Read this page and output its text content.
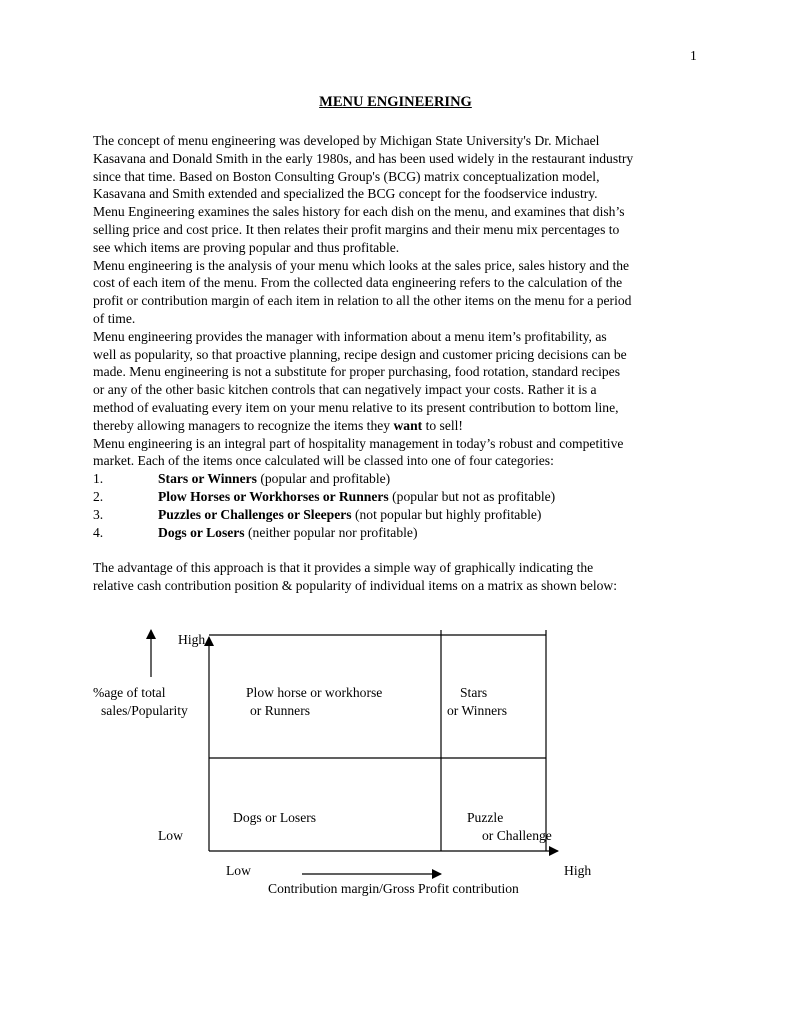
1
MENU ENGINEERING
The concept of menu engineering was developed by Michigan State University's Dr. Michael
Kasavana and Donald Smith in the early 1980s, and has been used widely in the restaurant industry
since that time. Based on Boston Consulting Group's (BCG) matrix conceptualization model,
Kasavana and Smith extended and specialized the BCG concept for the foodservice industry.
Menu Engineering examines the sales history for each dish on the menu, and examines that dish’s
selling price and cost price. It then relates their profit margins and their menu mix percentages to
see which items are proving popular and thus profitable.
Menu engineering is the analysis of your menu which looks at the sales price, sales history and the
cost of each item of the menu. From the collected data engineering refers to the calculation of the
profit or contribution margin of each item in relation to all the other items on the menu for a period
of time.
Menu engineering provides the manager with information about a menu item’s profitability, as
well as popularity, so that proactive planning, recipe design and customer pricing decisions can be
made. Menu engineering is not a substitute for proper purchasing, food rotation, standard recipes
or any of the other basic kitchen controls that can negatively impact your costs. Rather it is a
method of evaluating every item on your menu relative to its present contribution to bottom line,
thereby allowing managers to recognize the items they want to sell!
Menu engineering is an integral part of hospitality management in today’s robust and competitive
market. Each of the items once calculated will be classed into one of four categories:
1.	Stars or Winners (popular and profitable)
2.	Plow Horses or Workhorses or Runners (popular but not as profitable)
3.	Puzzles or Challenges or Sleepers (not popular but highly profitable)
4.	Dogs or Losers (neither popular nor profitable)
The advantage of this approach is that it provides a simple way of graphically indicating the
relative cash contribution position & popularity of individual items on a matrix as shown below:
High
Low
%age of total
sales/Popularity
Plow horse or workhorse
or Runners
Stars
or Winners
Dogs or Losers	Puzzle
or Challenge
Low	High
Contribution margin/Gross Profit contribution
